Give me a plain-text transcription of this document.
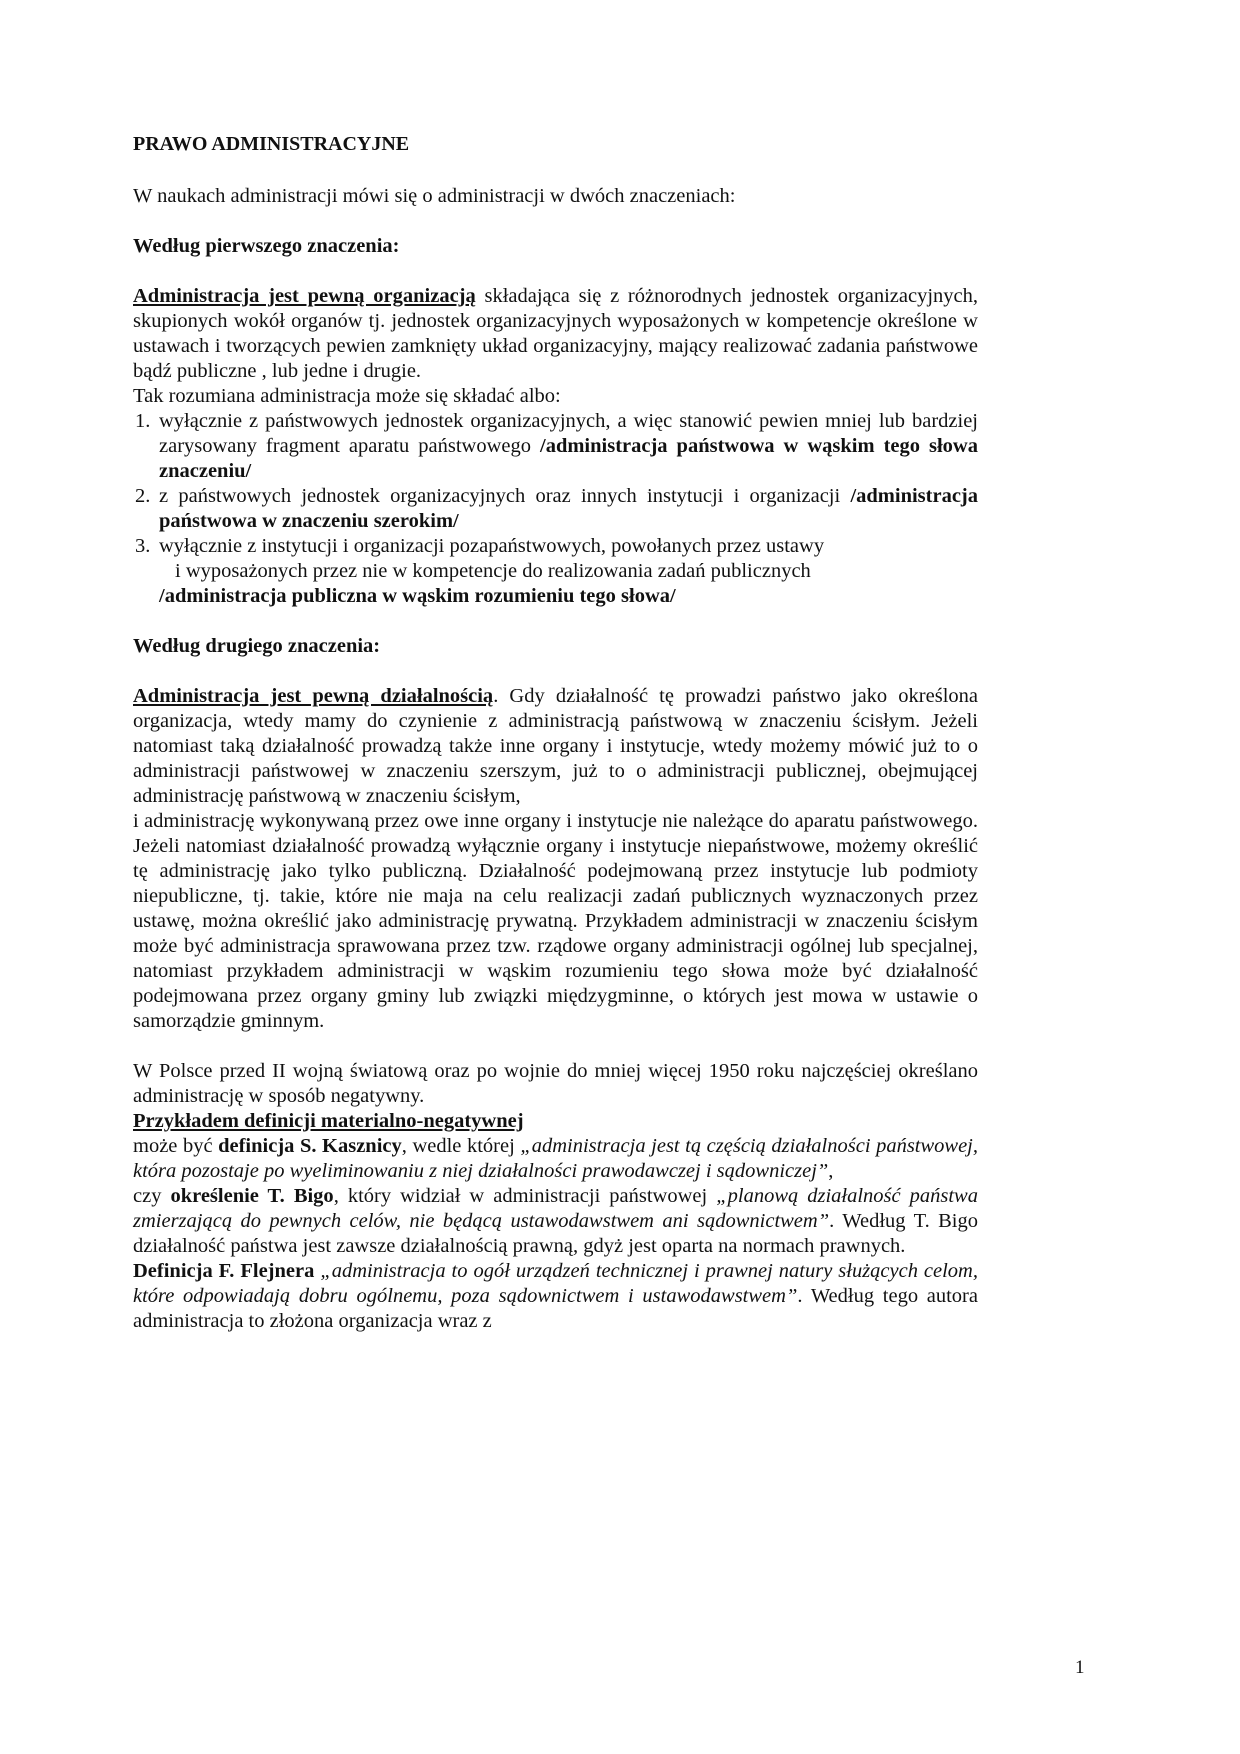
PRAWO ADMINISTRACYJNE

W naukach administracji mówi się o administracji w dwóch znaczeniach:

Według pierwszego znaczenia:

Administracja jest pewną organizacją składająca się z różnorodnych jednostek organizacyjnych, skupionych wokół organów tj. jednostek organizacyjnych wyposażonych w kompetencje określone w ustawach i tworzących pewien zamknięty układ organizacyjny, mający realizować zadania państwowe bądź publiczne , lub jedne i drugie.

Tak rozumiana administracja może się składać albo:

1. wyłącznie z państwowych jednostek organizacyjnych, a więc stanowić pewien mniej lub bardziej zarysowany fragment aparatu państwowego /administracja państwowa w wąskim tego słowa znaczeniu/
2. z państwowych jednostek organizacyjnych oraz innych instytucji i organizacji /administracja państwowa w znaczeniu szerokim/
3. wyłącznie z instytucji i organizacji pozapaństwowych, powołanych przez ustawy
i wyposażonych przez nie w kompetencje do realizowania zadań publicznych
/administracja publiczna w wąskim rozumieniu tego słowa/

Według drugiego znaczenia:

Administracja jest pewną działalnością. Gdy działalność tę prowadzi państwo jako określona organizacja, wtedy mamy do czynienie z administracją państwową w znaczeniu ścisłym. Jeżeli natomiast taką działalność prowadzą także inne organy i instytucje, wtedy możemy mówić już to o administracji państwowej w znaczeniu szerszym, już to o administracji publicznej, obejmującej administrację państwową w znaczeniu ścisłym,

i administrację wykonywaną przez owe inne organy i instytucje nie należące do aparatu państwowego. Jeżeli natomiast działalność prowadzą wyłącznie organy i instytucje niepaństwowe, możemy określić tę administrację jako tylko publiczną. Działalność podejmowaną przez instytucje lub podmioty niepubliczne, tj. takie, które nie maja na celu realizacji zadań publicznych wyznaczonych przez ustawę, można określić jako administrację prywatną. Przykładem administracji w znaczeniu ścisłym może być administracja sprawowana przez tzw. rządowe organy administracji ogólnej lub specjalnej, natomiast przykładem administracji w wąskim rozumieniu tego słowa może być działalność podejmowana przez organy gminy lub związki międzygminne, o których jest mowa w ustawie o samorządzie gminnym.

W Polsce przed II wojną światową oraz po wojnie do mniej więcej 1950 roku najczęściej określano administrację w sposób negatywny.

Przykładem definicji materialno-negatywnej

może być definicja S. Kasznicy, wedle której „administracja jest tą częścią działalności państwowej, która pozostaje po wyeliminowaniu z niej działalności prawodawczej i sądowniczej”,

czy określenie T. Bigo, który widział w administracji państwowej „planową działalność państwa zmierzającą do pewnych celów, nie będącą ustawodawstwem ani sądownictwem”. Według T. Bigo działalność państwa jest zawsze działalnością prawną, gdyż jest oparta na normach prawnych.

Definicja F. Flejnera „administracja to ogół urządzeń technicznej i prawnej natury służących celom, które odpowiadają dobru ogólnemu, poza sądownictwem i ustawodawstwem”. Według tego autora administracja to złożona organizacja wraz z

1
